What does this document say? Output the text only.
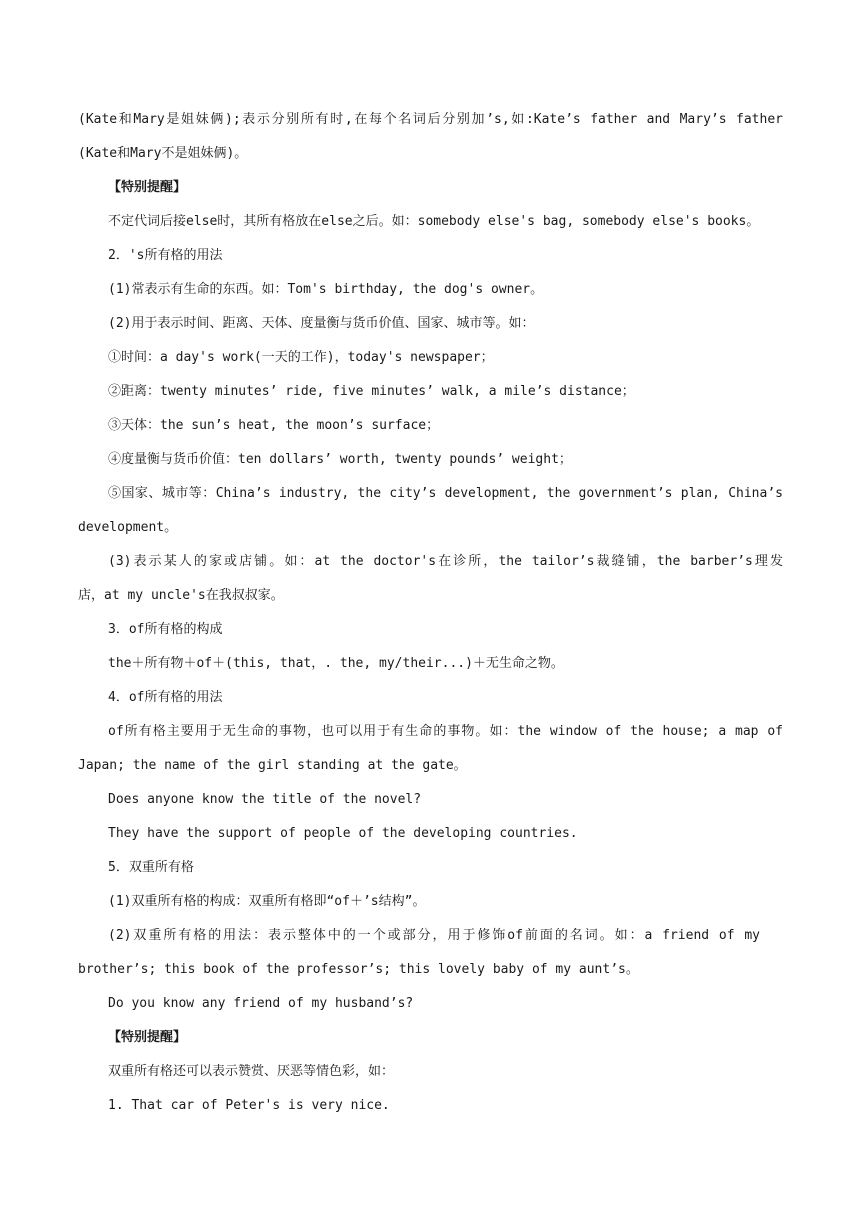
(Kate和Mary是姐妹俩);表示分别所有时,在每个名词后分别加’s,如:Kate’s father and Mary’s father
(Kate和Mary不是姐妹俩)。
【特别提醒】
不定代词后接else时，其所有格放在else之后。如：somebody else's bag, somebody else's books。
2．'s所有格的用法
(1)常表示有生命的东西。如：Tom's birthday, the dog's owner。
(2)用于表示时间、距离、天体、度量衡与货币价值、国家、城市等。如：
①时间：a day's work(一天的工作)，today's newspaper；
②距离：twenty minutes’ ride, five minutes’ walk, a mile’s distance；
③天体：the sun’s heat, the moon’s surface；
④度量衡与货币价值：ten dollars’ worth, twenty pounds’ weight；
⑤国家、城市等：China’s industry, the city’s development, the government’s plan, China’s
development。
(3)表示某人的家或店铺。如：at the doctor's在诊所，the tailor’s裁缝铺，the barber’s理发
店，at my uncle's在我叔叔家。
3．of所有格的构成
the＋所有物＋of＋(this, that，. the, my/their...)＋无生命之物。
4．of所有格的用法
of所有格主要用于无生命的事物，也可以用于有生命的事物。如：the window of the house; a map of
Japan; the name of the girl standing at the gate。
Does anyone know the title of the novel?
They have the support of people of the developing countries.
5．双重所有格
(1)双重所有格的构成：双重所有格即“of＋’s结构”。
(2)双重所有格的用法：表示整体中的一个或部分，用于修饰of前面的名词。如：a friend of my
brother’s; this book of the professor’s; this lovely baby of my aunt’s。
Do you know any friend of my husband’s?
【特别提醒】
双重所有格还可以表示赞赏、厌恶等情色彩，如：
1. That car of Peter's is very nice.
